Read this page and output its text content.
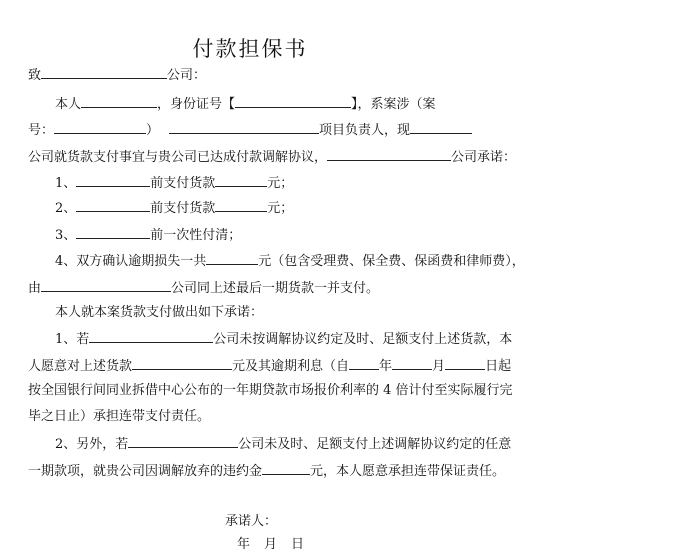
付款担保书
致	公司：
本人	，身份证号【	】，系案涉（案
号：	）	项目负责人，现
公司就货款支付事宜与贵公司已达成付款调解协议，	公司承诺：
1、	前支付货款	元；
2、	前支付货款	元；
3、	前一次性付清；
4、双方确认逾期损失一共	元（包含受理费、保全费、保函费和律师费），
由	公司同上述最后一期货款一并支付。
本人就本案货款支付做出如下承诺：
1、若	公司未按调解协议约定及时、足额支付上述货款，本
人愿意对上述货款	元及其逾期利息（自 年	月	日起
按全国银行间同业拆借中心公布的一年期贷款市场报价利率的 4 倍计付至实际履行完
毕之日止）承担连带支付责任。
2、另外，若	公司未及时、足额支付上述调解协议约定的任意
一期款项，就贵公司因调解放弃的违约金	元，本人愿意承担连带保证责任。
承诺人：
年 月 日
